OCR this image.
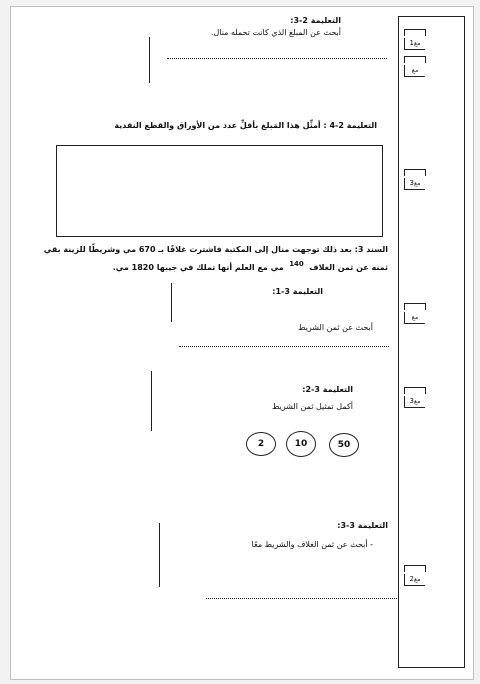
التعليمة 2-3:
أبحث عن المبلغ الذي كانت تحمله منال.
التعليمة 2-4 : أمثِّل هذا المَبلغ بأقلِّ عدد من الأوراق والقطع النقدية
السند 3: بعد ذلك توجهت منال إلى المكتبة فاشترت غلافًا بـ 670 مي وشريطًا للزينة بقي
ثمنه عن ثمن الغلاف 140 مي مع العلم أنها تملك في جيبها 1820 مي.
التعليمة 3-1:
أبحث عن ثمن الشريط
التعليمة 3-2:
أكمل تمثيل ثمن الشريط
2	10	50
التعليمة 3-3:
- أبحث عن ثمن الغلاف والشريط معًا
مع1
مع
مع3
مع
مع3
مع2
